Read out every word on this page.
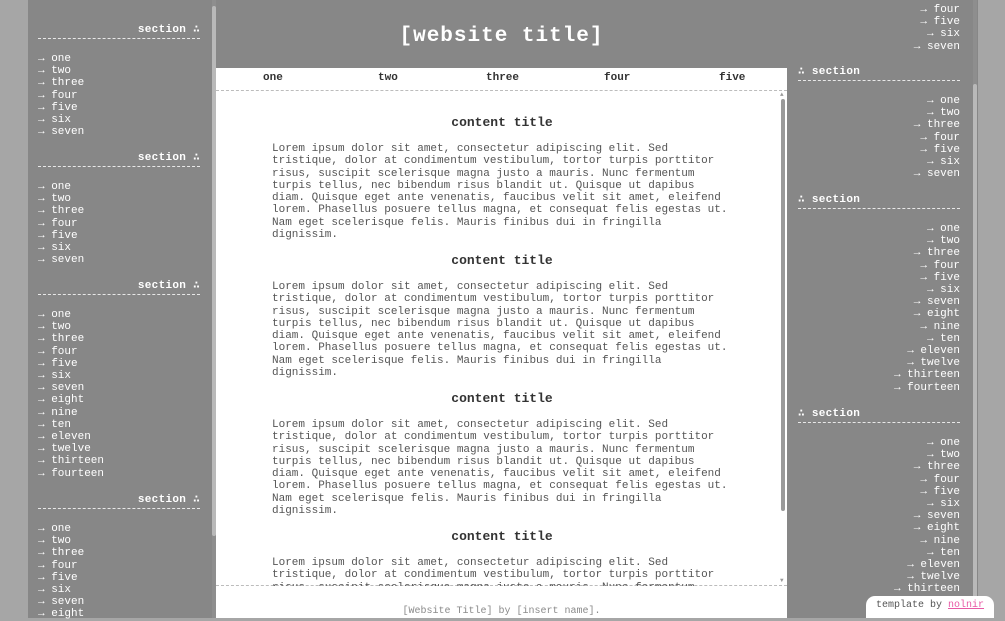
section ∴
→ one
→ two
→ three
→ four
→ five
→ six
→ seven
section ∴
→ one
→ two
→ three
→ four
→ five
→ six
→ seven
section ∴
→ one
→ two
→ three
→ four
→ five
→ six
→ seven
→ eight
→ nine
→ ten
→ eleven
→ twelve
→ thirteen
→ fourteen
section ∴
→ one
→ two
→ three
→ four
→ five
→ six
→ seven
→ eight
[website title]
one	two	three	four	five
content title

Lorem ipsum dolor sit amet, consectetur adipiscing elit. Sed
tristique, dolor at condimentum vestibulum, tortor turpis porttitor
risus, suscipit scelerisque magna justo a mauris. Nunc fermentum
turpis tellus, nec bibendum risus blandit ut. Quisque ut dapibus
diam. Quisque eget ante venenatis, faucibus velit sit amet, eleifend
lorem. Phasellus posuere tellus magna, et consequat felis egestas ut.
Nam eget scelerisque felis. Mauris finibus dui in fringilla
dignissim.

content title

Lorem ipsum dolor sit amet, consectetur adipiscing elit. Sed
tristique, dolor at condimentum vestibulum, tortor turpis porttitor
risus, suscipit scelerisque magna justo a mauris. Nunc fermentum
turpis tellus, nec bibendum risus blandit ut. Quisque ut dapibus
diam. Quisque eget ante venenatis, faucibus velit sit amet, eleifend
lorem. Phasellus posuere tellus magna, et consequat felis egestas ut.
Nam eget scelerisque felis. Mauris finibus dui in fringilla
dignissim.

content title

Lorem ipsum dolor sit amet, consectetur adipiscing elit. Sed
tristique, dolor at condimentum vestibulum, tortor turpis porttitor
risus, suscipit scelerisque magna justo a mauris. Nunc fermentum
turpis tellus, nec bibendum risus blandit ut. Quisque ut dapibus
diam. Quisque eget ante venenatis, faucibus velit sit amet, eleifend
lorem. Phasellus posuere tellus magna, et consequat felis egestas ut.
Nam eget scelerisque felis. Mauris finibus dui in fringilla
dignissim.

content title

Lorem ipsum dolor sit amet, consectetur adipiscing elit. Sed
tristique, dolor at condimentum vestibulum, tortor turpis porttitor

▲
▼
[Website Title] by [insert name].
→ four
→ five
→ six
→ seven
∴ section
→ one
→ two
→ three
→ four
→ five
→ six
→ seven
∴ section
→ one
→ two
→ three
→ four
→ five
→ six
→ seven
→ eight
→ nine
→ ten
→ eleven
→ twelve
→ thirteen
→ fourteen
∴ section
→ one
→ two
→ three
→ four
→ five
→ six
→ seven
→ eight
→ nine
→ ten
→ eleven
→ twelve
→ thirteen
template by nolnir
